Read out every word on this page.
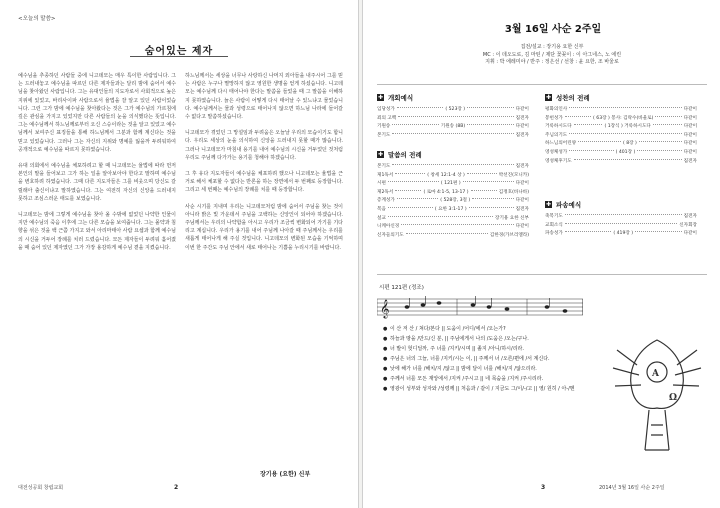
<오늘의 말씀>
숨어있는 제자

예수님을 추종하던 사람들 중에 니고데모는 매우 특이한 사람입니다. 그는 드러내놓고 예수님을 따르던 다른 제자들과는 달리 밤에 숨어서 예수님을 찾아왔던 사람입니다. 그는 유대인들의 지도자로서 사회적으로 높은 지위에 있었고, 바리사이파 사람으로서 율법을 잘 알고 있던 사람이었습니다. 그런 그가 밤에 예수님을 찾아왔다는 것은 그가 예수님의 가르침에 깊은 관심을 가지고 있었지만 다른 사람들의 눈을 의식했다는 뜻입니다. 그는 예수님께서 하느님께로부터 오신 스승이라는 것을 알고 있었고 예수님께서 보여주신 표징들을 통해 하느님께서 그분과 함께 계신다는 것을 믿고 있었습니다. 그러나 그는 자신의 지위와 명예를 잃을까 두려워하여 공개적으로 예수님을 따르지 못하였습니다.

유대 의회에서 예수님을 체포하려고 할 때 니고데모는 율법에 따라 먼저 본인의 말을 들어보고 그가 하는 일을 알아보아야 한다고 말하며 예수님을 변호하려 하였습니다. 그때 다른 지도자들은 그를 비웃으며 당신도 갈릴래아 출신이냐고 말하였습니다. 그는 여전히 자신의 신앙을 드러내지 못하고 조심스러운 태도를 보였습니다.

니고데모는 밤에 그렇게 예수님을 찾아 올 수밖에 없었던 나약한 인물이지만 예수님의 죽음 이후에 그는 다른 모습을 보여줍니다. 그는 몰약과 침향을 섞은 것을 백 근쯤 가지고 와서 아리마태아 사람 요셉과 함께 예수님의 시신을 거두어 장례를 치러 드렸습니다. 모든 제자들이 두려워 흩어졌을 때 숨어 있던 제자였던 그가 가장 용감하게 예수님 곁을 지켰습니다.

하느님께서는 세상을 너무나 사랑하신 나머지 외아들을 내주시어 그를 믿는 사람은 누구나 멸망하지 않고 영원한 생명을 얻게 하셨습니다. 니고데모는 예수님께 다시 태어나야 한다는 말씀을 들었을 때 그 말씀을 이해하지 못하였습니다. 늙은 사람이 어떻게 다시 태어날 수 있느냐고 물었습니다. 예수님께서는 물과 성령으로 태어나지 않으면 하느님 나라에 들어갈 수 없다고 말씀하셨습니다.

니고데모가 겪었던 그 망설임과 두려움은 오늘날 우리의 모습이기도 합니다. 우리도 세상의 눈을 의식하여 신앙을 드러내지 못할 때가 많습니다. 그러나 니고데모가 마침내 용기를 내어 예수님의 시신을 거두었던 것처럼 우리도 주님께 다가가는 용기를 청해야 하겠습니다.

그 후 유다 지도자들이 예수님을 체포하려 했으나 니고데모는 율법을 근거로 해서 체포할 수 없다는 반론을 하는 장면에서 두 번째로 등장합니다. 그리고 세 번째는 예수님의 장례를 치를 때 등장합니다.

사순 시기를 지내며 우리는 니고데모처럼 밤에 숨어서 주님을 찾는 것이 아니라 밝은 빛 가운데서 주님을 고백하는 신앙인이 되어야 하겠습니다. 주님께서는 우리의 나약함을 아시고 우리가 조금씩 변화되어 가기를 기다리고 계십니다. 우리가 용기를 내어 주님께 나아갈 때 주님께서는 우리를 새롭게 태어나게 해 주실 것입니다. 니고데모의 변화된 모습을 기억하며 이번 한 주간도 주님 안에서 새로 태어나는 기쁨을 누리시기를 바랍니다.

장기용 (요한) 신부
대전성공회 창립교회	2
3월 16일 사순 2주일
집전/설교 : 장기용 요한 신부
MC : 이 데오도로, 김 마틴 / 제단 꽃꽂이 : 이 아그네스, 노 에린
지휘 : 박 에레미야 / 반주 : 정은선 / 선창 : 윤 요한, 조 바울로
✚ 개회예식
입당성가	( 523장 )	다같이
죄의 고백	집전자
기원송	기원송 (8B)	다같이
본기도	집전자
✚ 말씀의 전례
본기도	집전자
제1독서	( 창세 12:1-4 상 )	박선진(모니카)
시편	( 121편 )	다같이
제2독서	( 로마 4:1-5, 13-17 )	김정호(바나바)
층계성가	( 528장, 3절 )	다같이
복음	( 요한 3:1-17 )	집전자
설교	장기용 요한 신부
니케아신경	다같이
신자들의기도	김한경(가브리엘라)
✚ 성찬의 전례
평화의인사	다같이
봉헌성가	( 63장 ) 봉사: 김락수(바울로)	다같이
거룩하시도다	( 1장식 ) 거룩하시도다	다같이
주님의기도	다같이
하느님의어린양	( 8장 )	다같이
영성체성가	( 401장 )	다같이
영성체후기도	집전자
✚ 파송예식
축복기도	집전자
교회소식	신자회장
파송성가	( 419장 )	다같이
시편 121편 (정조)
𝄞
● 이 산 저 산 / 쳐다/본다 || 도움이 /어디/에서 /오는가?
● 하늘과 땅을 /만드/신 분, || 주님에게서 나의 /도움은 /오는/구나.
● 너 발이 헛디딜까, 주 너를 /지키/시며 || 졸지 /아니/하시/리라.
● 주님은 너의 그늘, 너를 /지키/시는 이, || 주께서 너 /오른/편에 /서 계신다.
● 낮에 해가 너를 /해치/지 /않고 || 밤에 달이 너를 /해치/지 /않으리라.
● 주께서 너를 모든 재앙에서 /지켜 /주시고 || 네 목숨을 /지켜 /주시리라.
● 영광이 성부와 성자와 /성령께 || 처음과 / 같이 / 지금도 그/이/-/고 || 영/ 원히 / 아-/멘
A
Ω
3	2014년 3월 16일 사순 2주일
